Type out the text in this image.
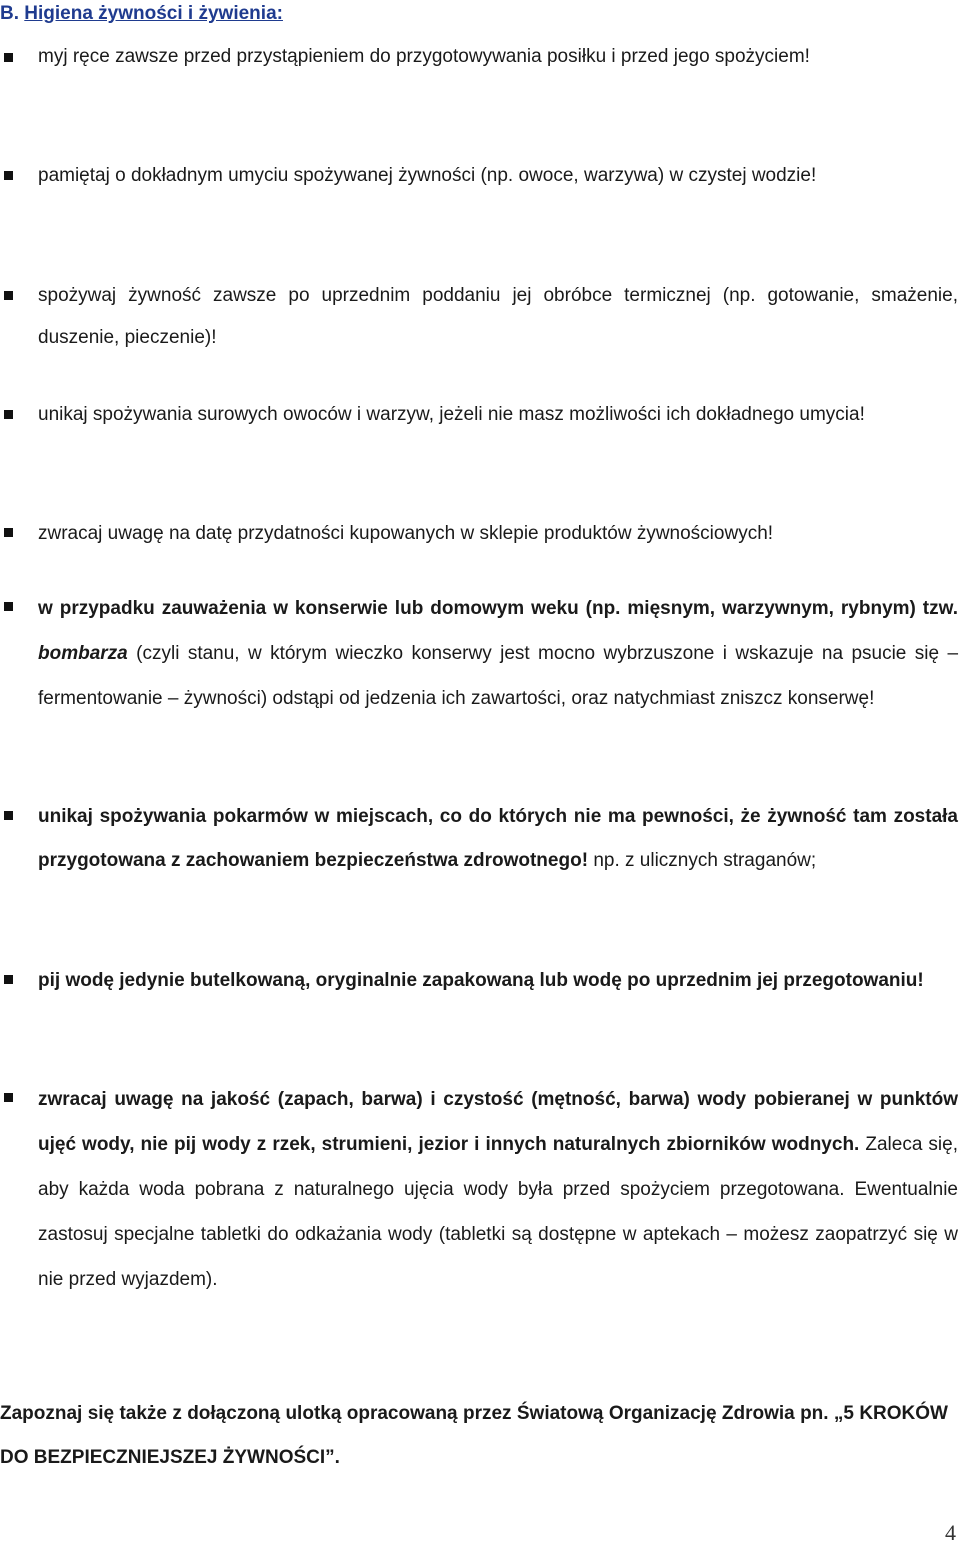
B. Higiena żywności i żywienia:
myj ręce zawsze przed przystąpieniem do przygotowywania posiłku i przed jego spożyciem!
pamiętaj o dokładnym umyciu spożywanej żywności (np. owoce, warzywa) w czystej wodzie!
spożywaj żywność zawsze po uprzednim poddaniu jej obróbce termicznej (np. gotowanie, smażenie, duszenie, pieczenie)!
unikaj spożywania surowych owoców i warzyw, jeżeli nie masz możliwości ich dokładnego umycia!
zwracaj uwagę na datę przydatności kupowanych w sklepie produktów żywnościowych!
w przypadku zauważenia w konserwie lub domowym weku (np. mięsnym, warzywnym, rybnym) tzw. bombarza (czyli stanu, w którym wieczko konserwy jest mocno wybrzuszone i wskazuje na psucie się – fermentowanie – żywności) odstąpi od jedzenia ich zawartości, oraz natychmiast zniszcz konserwę!
unikaj spożywania pokarmów w miejscach, co do których nie ma pewności, że żywność tam została przygotowana z zachowaniem bezpieczeństwa zdrowotnego! np. z ulicznych straganów;
pij wodę jedynie butelkowaną, oryginalnie zapakowaną lub wodę po uprzednim jej przegotowaniu!
zwracaj uwagę na jakość (zapach, barwa) i czystość (mętność, barwa) wody pobieranej w punktów ujęć wody, nie pij wody z rzek, strumieni, jezior i innych naturalnych zbiorników wodnych. Zaleca się, aby każda woda pobrana z naturalnego ujęcia wody była przed spożyciem przegotowana. Ewentualnie zastosuj specjalne tabletki do odkażania wody (tabletki są dostępne w aptekach – możesz zaopatrzyć się w nie przed wyjazdem).
Zapoznaj się także z dołączoną ulotką opracowaną przez Światową Organizację Zdrowia pn. „5 KROKÓW DO BEZPIECZNIEJSZEJ ŻYWNOŚCI”.
4
